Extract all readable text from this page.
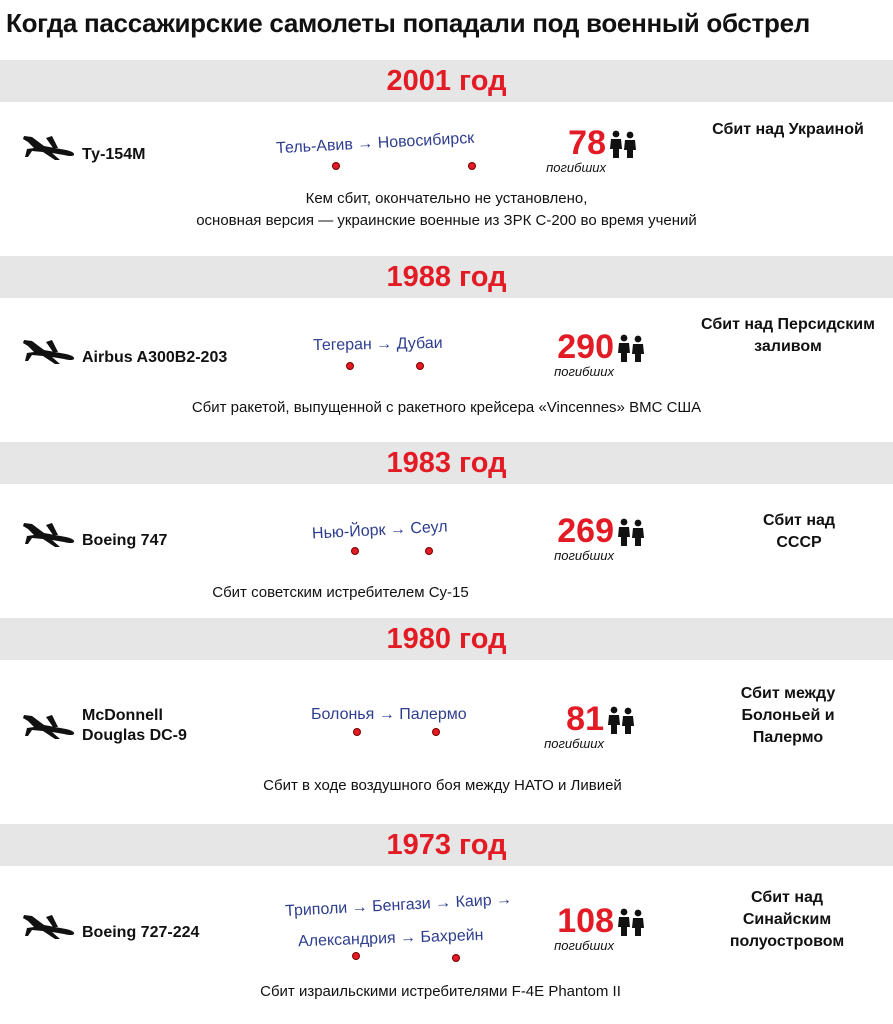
Когда пассажирские самолеты попадали под военный обстрел
2001 год
Ту-154М	Тель-Авив → Новосибирск	78
погибших
Сбит над Украиной
Кем сбит, окончательно не установлено,
основная версия — украинские военные из ЗРК С-200 во время учений
1988 год
Airbus A300B2-203
Тегеран → Дубаи	290
погибших
Сбит над Персидским заливом
Сбит ракетой, выпущенной с ракетного крейсера «Vincennes» ВМС США
1983 год
Boeing 747	Нью-Йорк → Сеул	269
погибших
Сбит над СССР
Сбит советским истребителем Су-15
1980 год
McDonnell
Douglas DC-9
Болонья → Палермо	81
погибших
Сбит между Болоньей и Палермо
Сбит в ходе воздушного боя между НАТО и Ливией
1973 год
Boeing 727-224
Триполи → Бенгази → Каир →
Александрия → Бахрейн 108
погибших
Сбит над Синайским полуостровом
Сбит израильскими истребителями F-4E Phantom II
